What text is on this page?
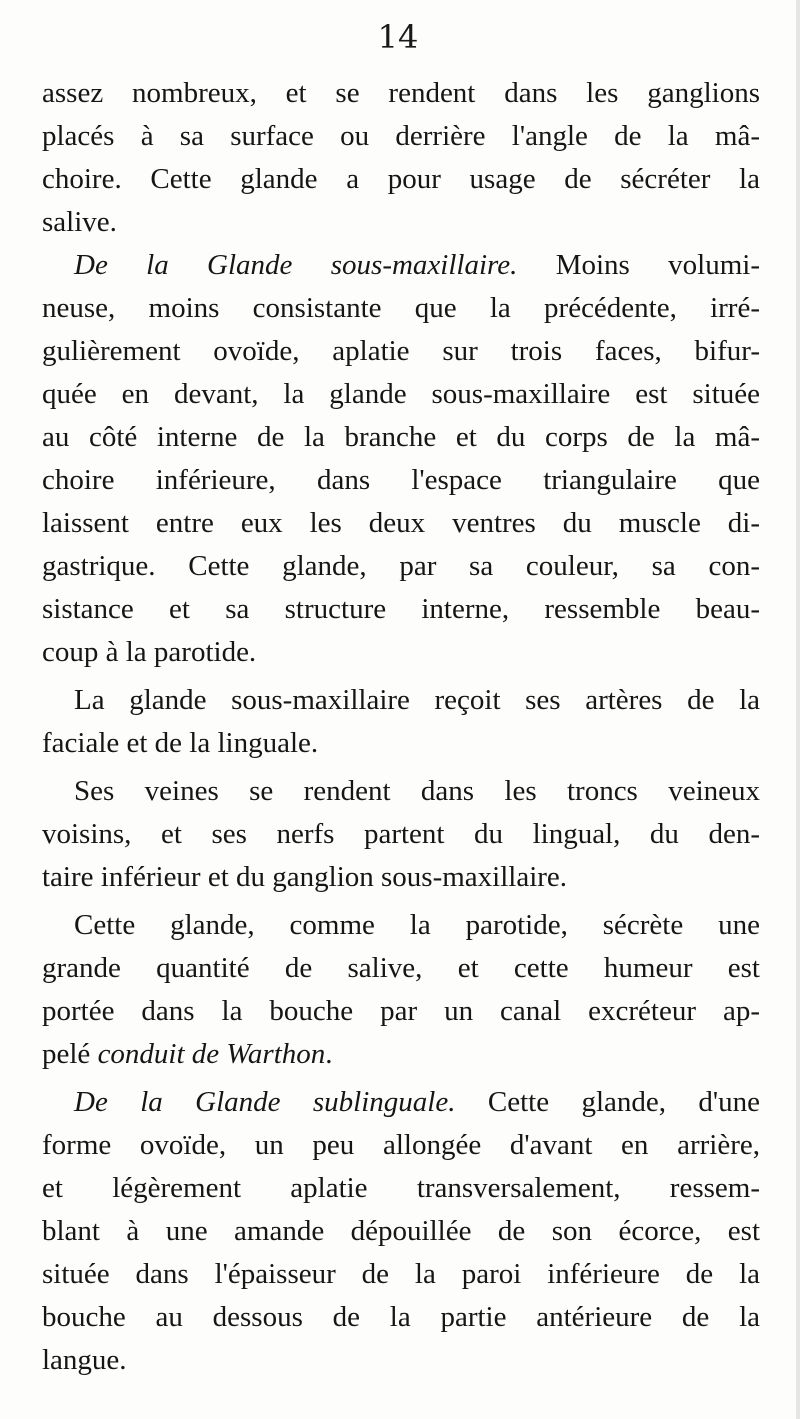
14
assez nombreux, et se rendent dans les ganglions
placés à sa surface ou derrière l'angle de la mâ-
choire. Cette glande a pour usage de sécréter la
salive.
De la Glande sous-maxillaire. Moins volumi-
neuse, moins consistante que la précédente, irré-
gulièrement ovoïde, aplatie sur trois faces, bifur-
quée en devant, la glande sous-maxillaire est située
au côté interne de la branche et du corps de la mâ-
choire inférieure, dans l'espace triangulaire que
laissent entre eux les deux ventres du muscle di-
gastrique. Cette glande, par sa couleur, sa con-
sistance et sa structure interne, ressemble beau-
coup à la parotide.
La glande sous-maxillaire reçoit ses artères de la
faciale et de la linguale.
Ses veines se rendent dans les troncs veineux
voisins, et ses nerfs partent du lingual, du den-
taire inférieur et du ganglion sous-maxillaire.
Cette glande, comme la parotide, sécrète une
grande quantité de salive, et cette humeur est
portée dans la bouche par un canal excréteur ap-
pelé conduit de Warthon.
De la Glande sublinguale. Cette glande, d'une
forme ovoïde, un peu allongée d'avant en arrière,
et légèrement aplatie transversalement, ressem-
blant à une amande dépouillée de son écorce, est
située dans l'épaisseur de la paroi inférieure de la
bouche au dessous de la partie antérieure de la
langue.
